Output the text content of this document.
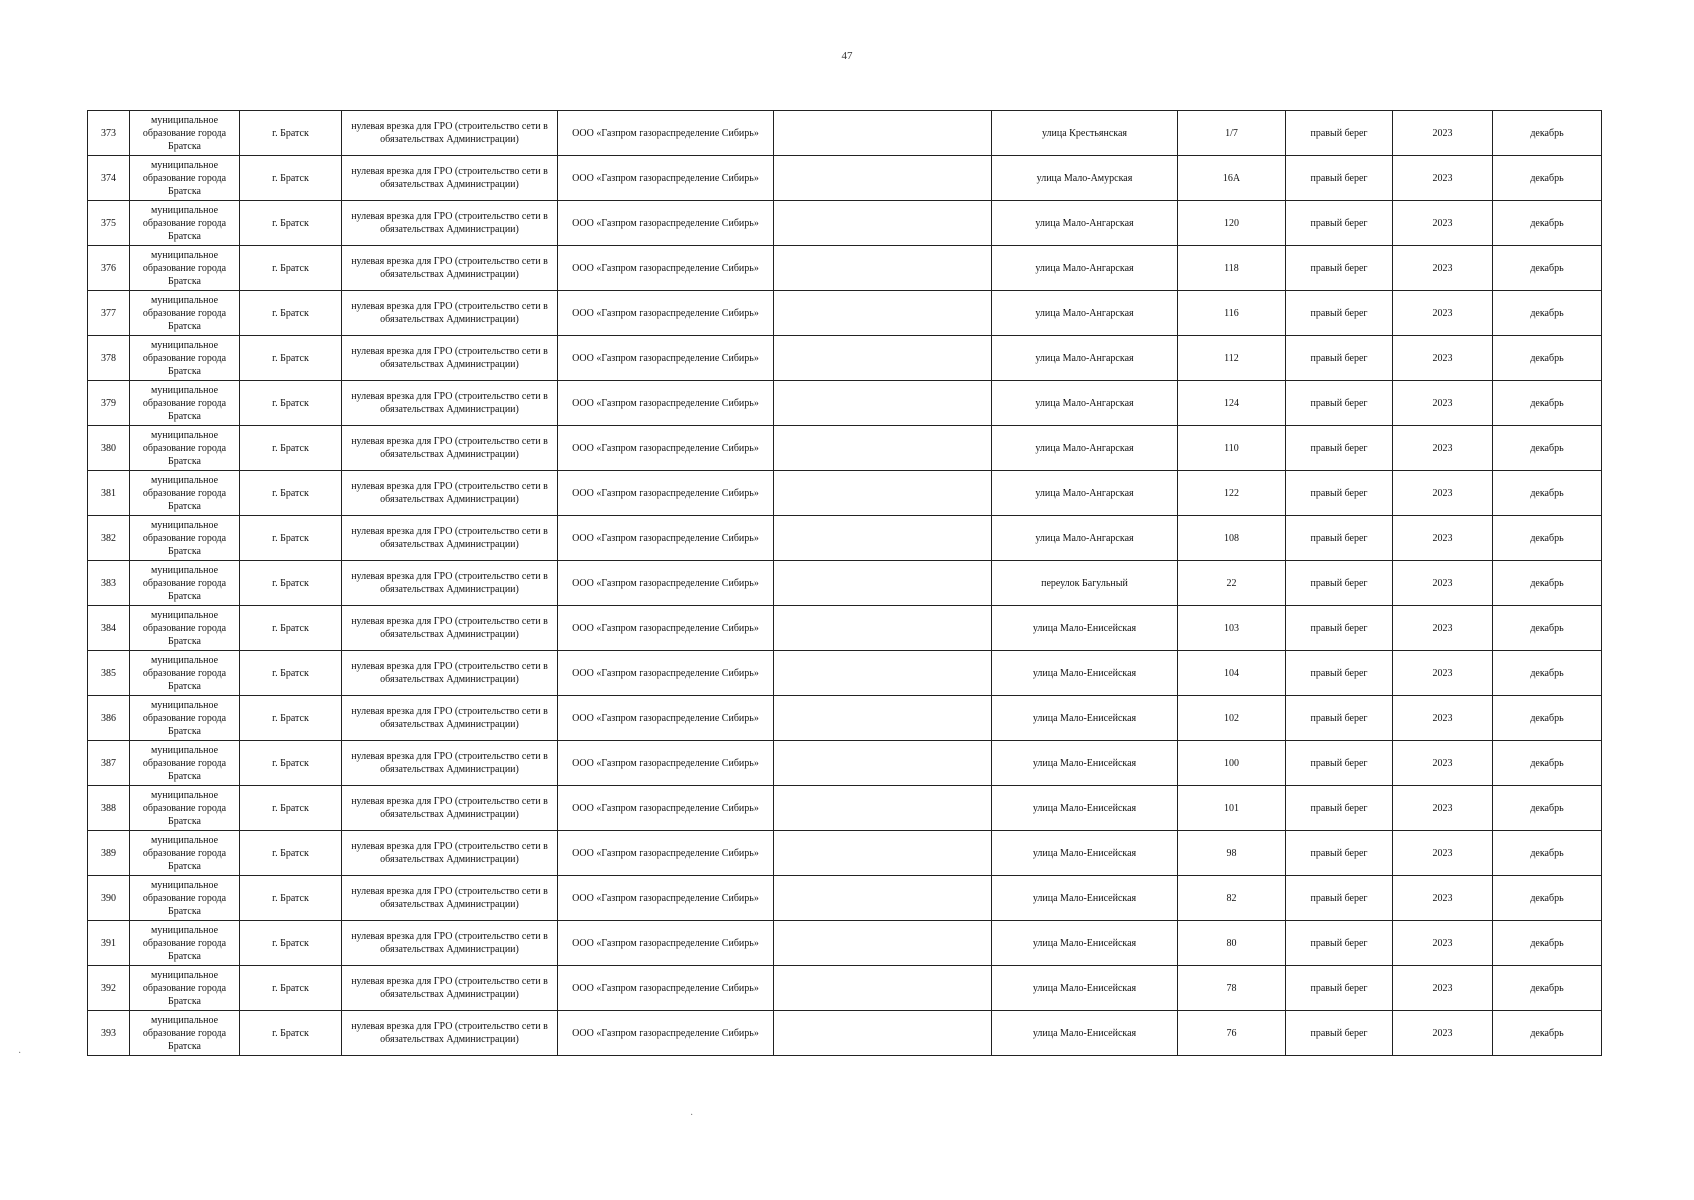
47
373	муниципальное образование города Братска	г. Братск	нулевая врезка для ГРО (строительство сети в обязательствах Администрации)	ООО «Газпром газораспределение Сибирь»		улица Крестьянская	1/7	правый берег	2023	декабрь
374	муниципальное образование города Братска	г. Братск	нулевая врезка для ГРО (строительство сети в обязательствах Администрации)	ООО «Газпром газораспределение Сибирь»		улица Мало-Амурская	16А	правый берег	2023	декабрь
375	муниципальное образование города Братска	г. Братск	нулевая врезка для ГРО (строительство сети в обязательствах Администрации)	ООО «Газпром газораспределение Сибирь»		улица Мало-Ангарская	120	правый берег	2023	декабрь
376	муниципальное образование города Братска	г. Братск	нулевая врезка для ГРО (строительство сети в обязательствах Администрации)	ООО «Газпром газораспределение Сибирь»		улица Мало-Ангарская	118	правый берег	2023	декабрь
377	муниципальное образование города Братска	г. Братск	нулевая врезка для ГРО (строительство сети в обязательствах Администрации)	ООО «Газпром газораспределение Сибирь»		улица Мало-Ангарская	116	правый берег	2023	декабрь
378	муниципальное образование города Братска	г. Братск	нулевая врезка для ГРО (строительство сети в обязательствах Администрации)	ООО «Газпром газораспределение Сибирь»		улица Мало-Ангарская	112	правый берег	2023	декабрь
379	муниципальное образование города Братска	г. Братск	нулевая врезка для ГРО (строительство сети в обязательствах Администрации)	ООО «Газпром газораспределение Сибирь»		улица Мало-Ангарская	124	правый берег	2023	декабрь
380	муниципальное образование города Братска	г. Братск	нулевая врезка для ГРО (строительство сети в обязательствах Администрации)	ООО «Газпром газораспределение Сибирь»		улица Мало-Ангарская	110	правый берег	2023	декабрь
381	муниципальное образование города Братска	г. Братск	нулевая врезка для ГРО (строительство сети в обязательствах Администрации)	ООО «Газпром газораспределение Сибирь»		улица Мало-Ангарская	122	правый берег	2023	декабрь
382	муниципальное образование города Братска	г. Братск	нулевая врезка для ГРО (строительство сети в обязательствах Администрации)	ООО «Газпром газораспределение Сибирь»		улица Мало-Ангарская	108	правый берег	2023	декабрь
383	муниципальное образование города Братска	г. Братск	нулевая врезка для ГРО (строительство сети в обязательствах Администрации)	ООО «Газпром газораспределение Сибирь»		переулок Багульный	22	правый берег	2023	декабрь
384	муниципальное образование города Братска	г. Братск	нулевая врезка для ГРО (строительство сети в обязательствах Администрации)	ООО «Газпром газораспределение Сибирь»		улица Мало-Енисейская	103	правый берег	2023	декабрь
385	муниципальное образование города Братска	г. Братск	нулевая врезка для ГРО (строительство сети в обязательствах Администрации)	ООО «Газпром газораспределение Сибирь»		улица Мало-Енисейская	104	правый берег	2023	декабрь
386	муниципальное образование города Братска	г. Братск	нулевая врезка для ГРО (строительство сети в обязательствах Администрации)	ООО «Газпром газораспределение Сибирь»		улица Мало-Енисейская	102	правый берег	2023	декабрь
387	муниципальное образование города Братска	г. Братск	нулевая врезка для ГРО (строительство сети в обязательствах Администрации)	ООО «Газпром газораспределение Сибирь»		улица Мало-Енисейская	100	правый берег	2023	декабрь
388	муниципальное образование города Братска	г. Братск	нулевая врезка для ГРО (строительство сети в обязательствах Администрации)	ООО «Газпром газораспределение Сибирь»		улица Мало-Енисейская	101	правый берег	2023	декабрь
389	муниципальное образование города Братска	г. Братск	нулевая врезка для ГРО (строительство сети в обязательствах Администрации)	ООО «Газпром газораспределение Сибирь»		улица Мало-Енисейская	98	правый берег	2023	декабрь
390	муниципальное образование города Братска	г. Братск	нулевая врезка для ГРО (строительство сети в обязательствах Администрации)	ООО «Газпром газораспределение Сибирь»		улица Мало-Енисейская	82	правый берег	2023	декабрь
391	муниципальное образование города Братска	г. Братск	нулевая врезка для ГРО (строительство сети в обязательствах Администрации)	ООО «Газпром газораспределение Сибирь»		улица Мало-Енисейская	80	правый берег	2023	декабрь
392	муниципальное образование города Братска	г. Братск	нулевая врезка для ГРО (строительство сети в обязательствах Администрации)	ООО «Газпром газораспределение Сибирь»		улица Мало-Енисейская	78	правый берег	2023	декабрь
393	муниципальное образование города Братска	г. Братск	нулевая врезка для ГРО (строительство сети в обязательствах Администрации)	ООО «Газпром газораспределение Сибирь»		улица Мало-Енисейская	76	правый берег	2023	декабрь
·
·
